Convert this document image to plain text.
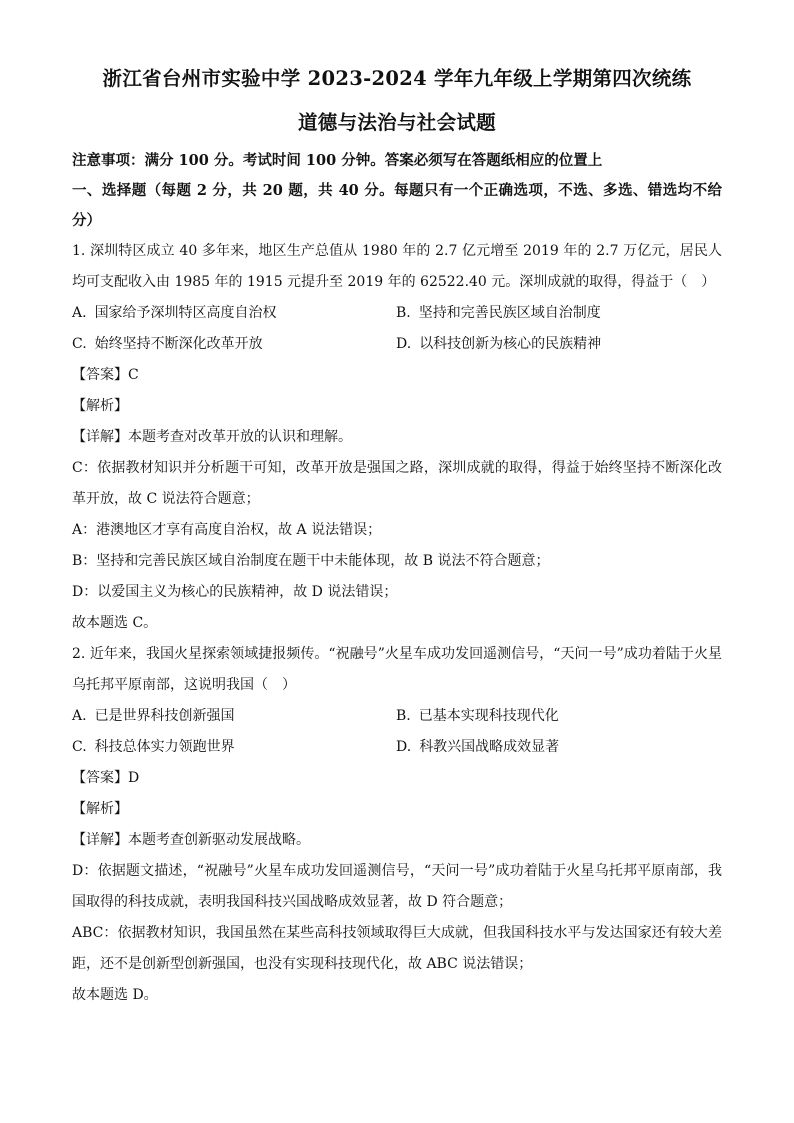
浙江省台州市实验中学 2023-2024 学年九年级上学期第四次统练

道德与法治与社会试题

注意事项：满分 100 分。考试时间 100 分钟。答案必须写在答题纸相应的位置上

一、选择题（每题 2 分，共 20 题，共 40 分。每题只有一个正确选项，不选、多选、错选均不给分）

1. 深圳特区成立 40 多年来，地区生产总值从 1980 年的 2.7 亿元增至 2019 年的 2.7 万亿元，居民人均可支配收入由 1985 年的 1915 元提升至 2019 年的 62522.40 元。深圳成就的取得，得益于（　）

A. 国家给予深圳特区高度自治权	B. 坚持和完善民族区域自治制度
C. 始终坚持不断深化改革开放	D. 以科技创新为核心的民族精神

【答案】C

【解析】

【详解】本题考查对改革开放的认识和理解。

C：依据教材知识并分析题干可知，改革开放是强国之路，深圳成就的取得，得益于始终坚持不断深化改革开放，故 C 说法符合题意；

A：港澳地区才享有高度自治权，故 A 说法错误；

B：坚持和完善民族区域自治制度在题干中未能体现，故 B 说法不符合题意；

D：以爱国主义为核心的民族精神，故 D 说法错误；

故本题选 C。

2. 近年来，我国火星探索领域捷报频传。“祝融号”火星车成功发回遥测信号，“天问一号”成功着陆于火星乌托邦平原南部，这说明我国（　）

A. 已是世界科技创新强国	B. 已基本实现科技现代化
C. 科技总体实力领跑世界	D. 科教兴国战略成效显著

【答案】D

【解析】

【详解】本题考查创新驱动发展战略。

D：依据题文描述，“祝融号”火星车成功发回遥测信号，“天问一号”成功着陆于火星乌托邦平原南部，我国取得的科技成就，表明我国科技兴国战略成效显著，故 D 符合题意；

ABC：依据教材知识，我国虽然在某些高科技领域取得巨大成就，但我国科技水平与发达国家还有较大差距，还不是创新型创新强国，也没有实现科技现代化，故 ABC 说法错误；

故本题选 D。
